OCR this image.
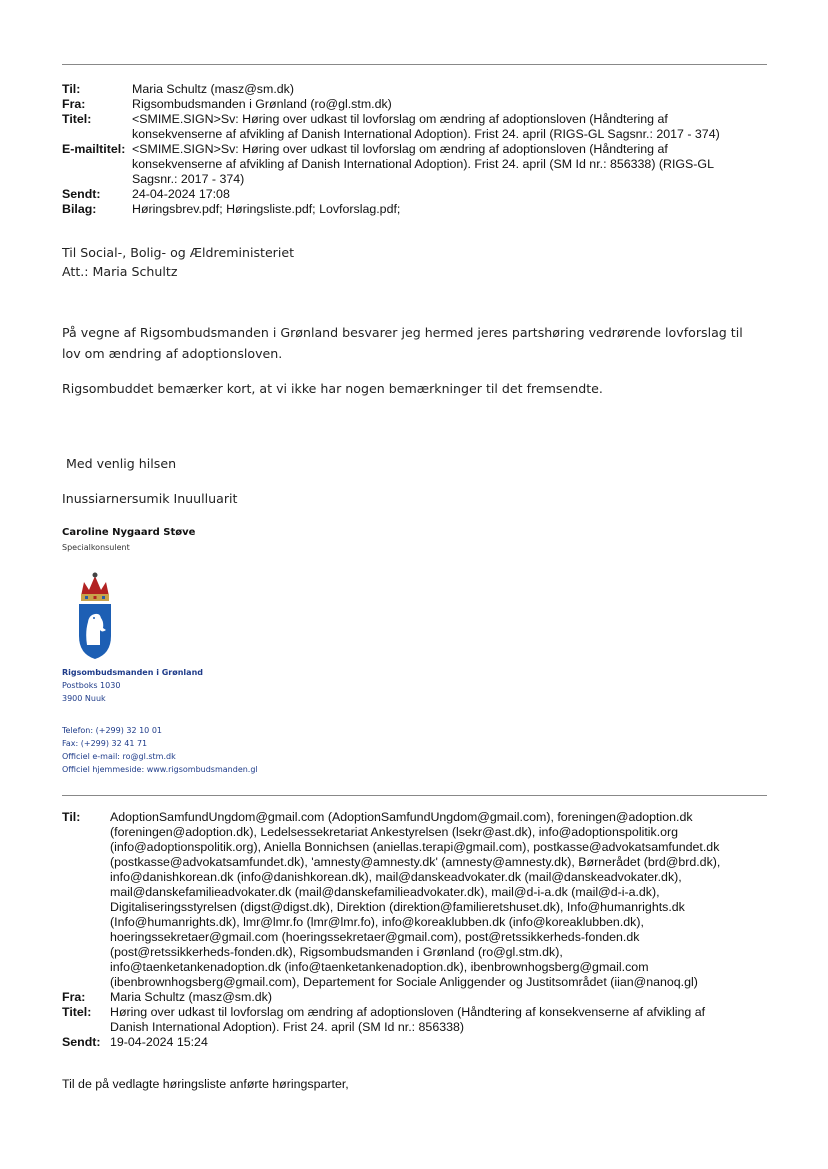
Til:	Maria Schultz (masz@sm.dk)
Fra:	Rigsombudsmanden i Grønland (ro@gl.stm.dk)
Titel:	<SMIME.SIGN>Sv: Høring over udkast til lovforslag om ændring af adoptionsloven (Håndtering af
konsekvenserne af afvikling af Danish International Adoption). Frist 24. april (RIGS-GL Sagsnr.: 2017 - 374)
E-mailtitel: <SMIME.SIGN>Sv: Høring over udkast til lovforslag om ændring af adoptionsloven (Håndtering af
konsekvenserne af afvikling af Danish International Adoption). Frist 24. april (SM Id nr.: 856338) (RIGS-GL
Sagsnr.: 2017 - 374)
Sendt:	24-04-2024 17:08
Bilag:	Høringsbrev.pdf; Høringsliste.pdf; Lovforslag.pdf;
Til Social-, Bolig- og Ældreministeriet
Att.: Maria Schultz
På vegne af Rigsombudsmanden i Grønland besvarer jeg hermed jeres partshøring vedrørende lovforslag til
lov om ændring af adoptionsloven.
Rigsombuddet bemærker kort, at vi ikke har nogen bemærkninger til det fremsendte.
Med venlig hilsen
Inussiarnersumik Inuulluarit
Caroline Nygaard Støve
Specialkonsulent
Rigsombudsmanden i Grønland
Postboks 1030
3900 Nuuk
Telefon: (+299) 32 10 01
Fax: (+299) 32 41 71
Officiel e-mail: ro@gl.stm.dk
Officiel hjemmeside: www.rigsombudsmanden.gl
Til:	AdoptionSamfundUngdom@gmail.com (AdoptionSamfundUngdom@gmail.com), foreningen@adoption.dk
(foreningen@adoption.dk), Ledelsessekretariat Ankestyrelsen (lsekr@ast.dk), info@adoptionspolitik.org
(info@adoptionspolitik.org), Aniella Bonnichsen (aniellas.terapi@gmail.com), postkasse@advokatsamfundet.dk
(postkasse@advokatsamfundet.dk), 'amnesty@amnesty.dk' (amnesty@amnesty.dk), Børnerådet (brd@brd.dk),
info@danishkorean.dk (info@danishkorean.dk), mail@danskeadvokater.dk (mail@danskeadvokater.dk),
mail@danskefamilieadvokater.dk (mail@danskefamilieadvokater.dk), mail@d-i-a.dk (mail@d-i-a.dk),
Digitaliseringsstyrelsen (digst@digst.dk), Direktion (direktion@familieretshuset.dk), Info@humanrights.dk
(Info@humanrights.dk), lmr@lmr.fo (lmr@lmr.fo), info@koreaklubben.dk (info@koreaklubben.dk),
hoeringssekretaer@gmail.com (hoeringssekretaer@gmail.com), post@retssikkerheds-fonden.dk
(post@retssikkerheds-fonden.dk), Rigsombudsmanden i Grønland (ro@gl.stm.dk),
info@taenketankenadoption.dk (info@taenketankenadoption.dk), ibenbrownhogsberg@gmail.com
(ibenbrownhogsberg@gmail.com), Departement for Sociale Anliggender og Justitsområdet (iian@nanoq.gl)
Fra:	Maria Schultz (masz@sm.dk)
Titel:	Høring over udkast til lovforslag om ændring af adoptionsloven (Håndtering af konsekvenserne af afvikling af
Danish International Adoption). Frist 24. april (SM Id nr.: 856338)
Sendt: 19-04-2024 15:24
Til de på vedlagte høringsliste anførte høringsparter,
